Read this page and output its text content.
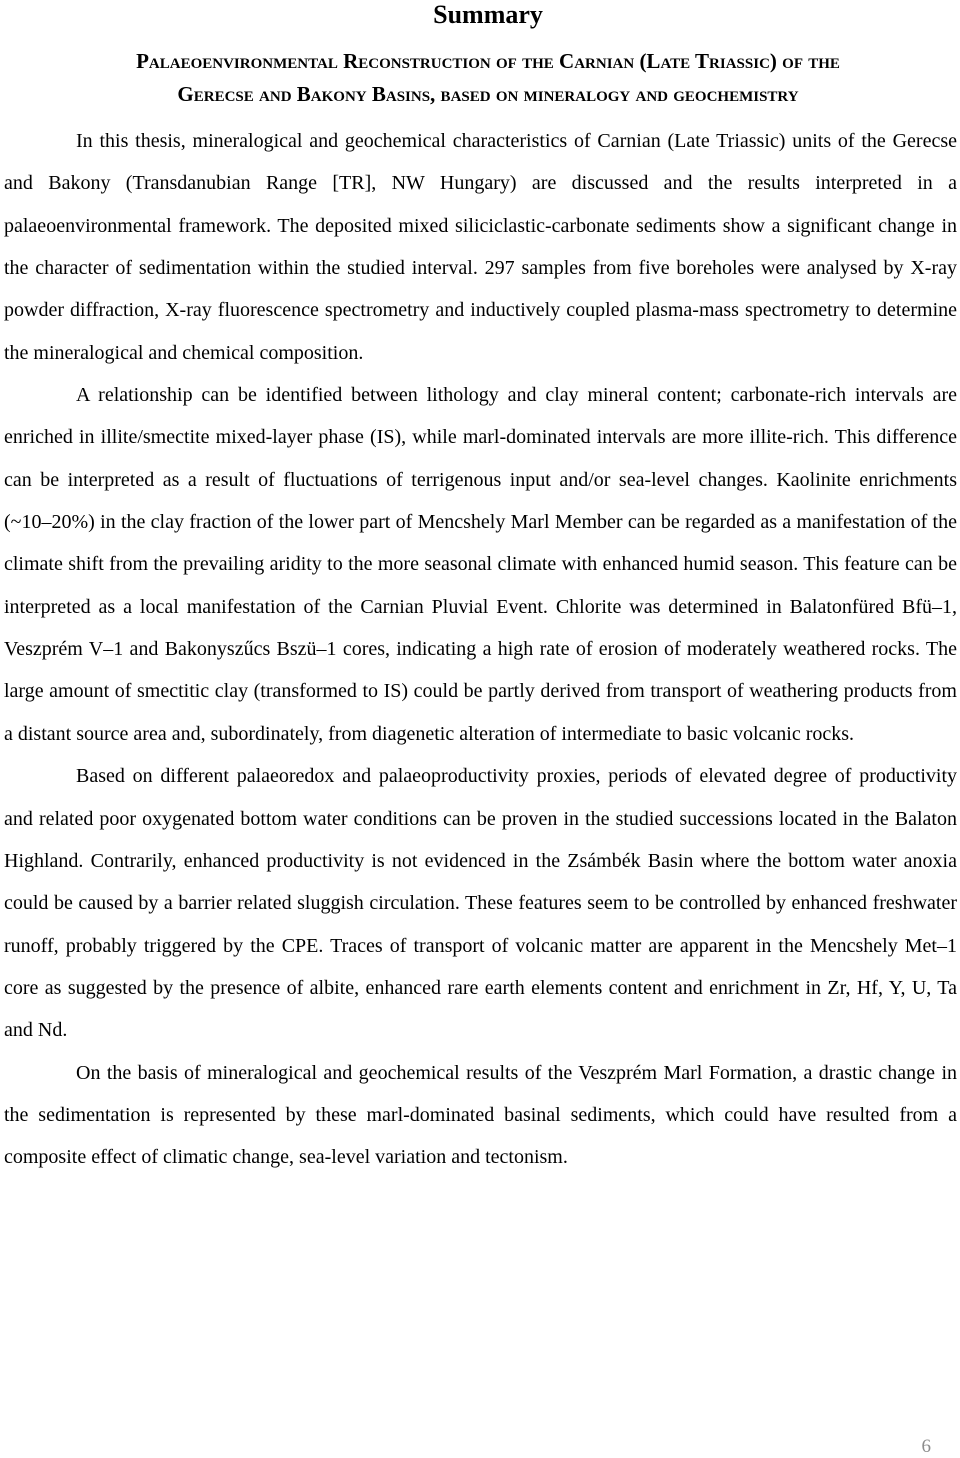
Summary
Palaeoenvironmental Reconstruction of the Carnian (Late Triassic) of the
Gerecse and Bakony Basins, based on mineralogy and geochemistry

In this thesis, mineralogical and geochemical characteristics of Carnian (Late Triassic) units of the Gerecse and Bakony (Transdanubian Range [TR], NW Hungary) are discussed and the results interpreted in a palaeoenvironmental framework. The deposited mixed siliciclastic-carbonate sediments show a significant change in the character of sedimentation within the studied interval. 297 samples from five boreholes were analysed by X-ray powder diffraction, X-ray fluorescence spectrometry and inductively coupled plasma-mass spectrometry to determine the mineralogical and chemical composition.

A relationship can be identified between lithology and clay mineral content; carbonate-rich intervals are enriched in illite/smectite mixed-layer phase (IS), while marl-dominated intervals are more illite-rich. This difference can be interpreted as a result of fluctuations of terrigenous input and/or sea-level changes. Kaolinite enrichments (~10–20%) in the clay fraction of the lower part of Mencshely Marl Member can be regarded as a manifestation of the climate shift from the prevailing aridity to the more seasonal climate with enhanced humid season. This feature can be interpreted as a local manifestation of the Carnian Pluvial Event. Chlorite was determined in Balatonfüred Bfü–1, Veszprém V–1 and Bakonyszűcs Bszü–1 cores, indicating a high rate of erosion of moderately weathered rocks. The large amount of smectitic clay (transformed to IS) could be partly derived from transport of weathering products from a distant source area and, subordinately, from diagenetic alteration of intermediate to basic volcanic rocks.

Based on different palaeoredox and palaeoproductivity proxies, periods of elevated degree of productivity and related poor oxygenated bottom water conditions can be proven in the studied successions located in the Balaton Highland. Contrarily, enhanced productivity is not evidenced in the Zsámbék Basin where the bottom water anoxia could be caused by a barrier related sluggish circulation. These features seem to be controlled by enhanced freshwater runoff, probably triggered by the CPE. Traces of transport of volcanic matter are apparent in the Mencshely Met–1 core as suggested by the presence of albite, enhanced rare earth elements content and enrichment in Zr, Hf, Y, U, Ta and Nd.

On the basis of mineralogical and geochemical results of the Veszprém Marl Formation, a drastic change in the sedimentation is represented by these marl-dominated basinal sediments, which could have resulted from a composite effect of climatic change, sea-level variation and tectonism.

6
